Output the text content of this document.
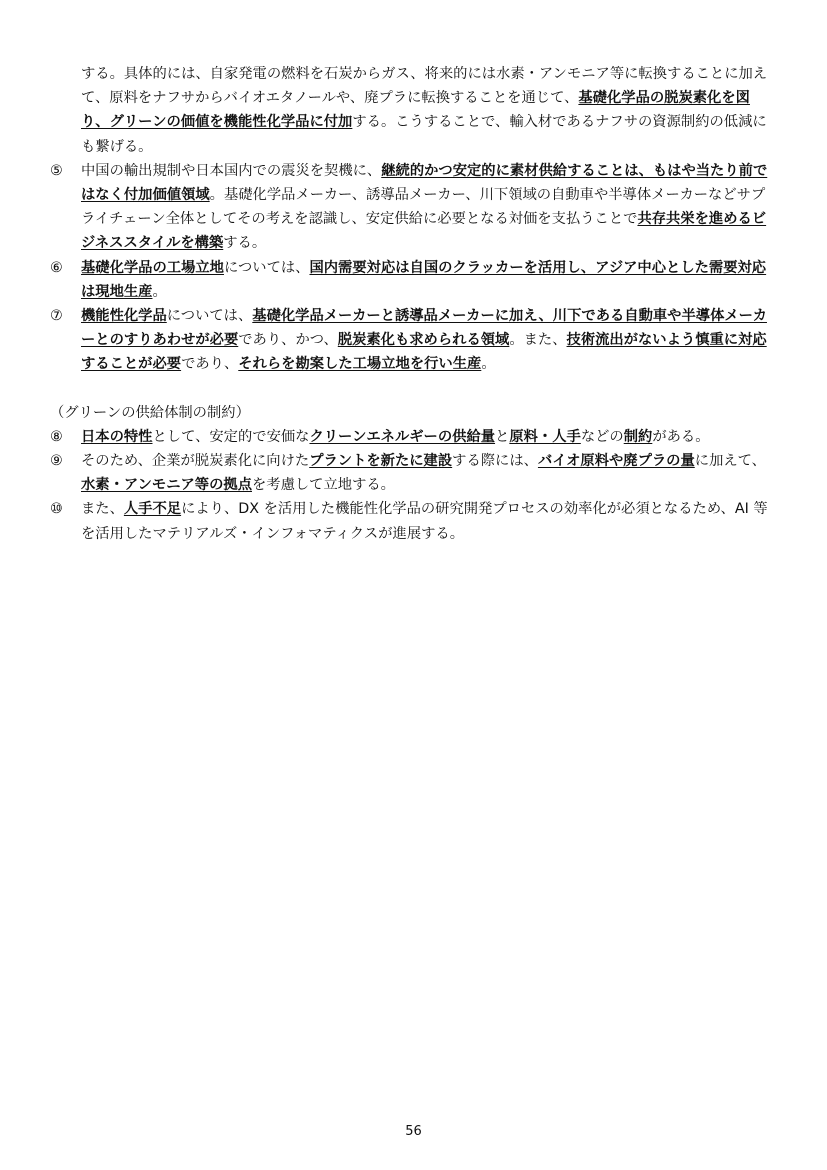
する。具体的には、自家発電の燃料を石炭からガス、将来的には水素・アンモニア等に転換することに加えて、原料をナフサからバイオエタノールや、廃プラに転換することを通じて、基礎化学品の脱炭素化を図り、グリーンの価値を機能性化学品に付加する。こうすることで、輸入材であるナフサの資源制約の低減にも繋げる。
⑤	中国の輸出規制や日本国内での震災を契機に、継続的かつ安定的に素材供給することは、もはや当たり前ではなく付加価値領域。基礎化学品メーカー、誘導品メーカー、川下領域の自動車や半導体メーカーなどサプライチェーン全体としてその考えを認識し、安定供給に必要となる対価を支払うことで共存共栄を進めるビジネススタイルを構築する。
⑥	基礎化学品の工場立地については、国内需要対応は自国のクラッカーを活用し、アジア中心とした需要対応は現地生産。
⑦	機能性化学品については、基礎化学品メーカーと誘導品メーカーに加え、川下である自動車や半導体メーカーとのすりあわせが必要であり、かつ、脱炭素化も求められる領域。また、技術流出がないよう慎重に対応することが必要であり、それらを勘案した工場立地を行い生産。
（グリーンの供給体制の制約）
⑧	日本の特性として、安定的で安価なクリーンエネルギーの供給量と原料・人手などの制約がある。
⑨	そのため、企業が脱炭素化に向けたプラントを新たに建設する際には、バイオ原料や廃プラの量に加えて、水素・アンモニア等の拠点を考慮して立地する。
⑩	また、人手不足により、DX を活用した機能性化学品の研究開発プロセスの効率化が必須となるため、AI 等を活用したマテリアルズ・インフォマティクスが進展する。
56
